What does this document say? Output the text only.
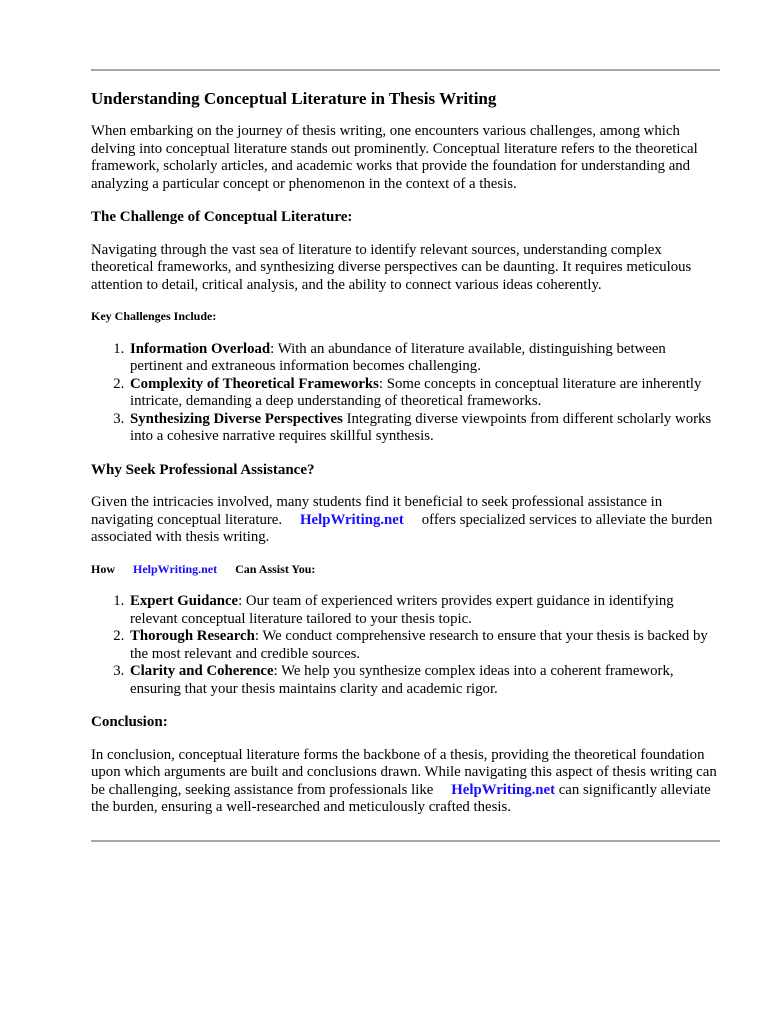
Understanding Conceptual Literature in Thesis Writing

When embarking on the journey of thesis writing, one encounters various challenges, among which delving into conceptual literature stands out prominently. Conceptual literature refers to the theoretical framework, scholarly articles, and academic works that provide the foundation for understanding and analyzing a particular concept or phenomenon in the context of a thesis.

The Challenge of Conceptual Literature:

Navigating through the vast sea of literature to identify relevant sources, understanding complex theoretical frameworks, and synthesizing diverse perspectives can be daunting. It requires meticulous attention to detail, critical analysis, and the ability to connect various ideas coherently.

Key Challenges Include:
1. Information Overload: With an abundance of literature available, distinguishing between pertinent and extraneous information becomes challenging.
2. Complexity of Theoretical Frameworks: Some concepts in conceptual literature are inherently intricate, demanding a deep understanding of theoretical frameworks.
3. Synthesizing Diverse Perspectives Integrating diverse viewpoints from different scholarly works into a cohesive narrative requires skillful synthesis.
Why Seek Professional Assistance?

Given the intricacies involved, many students find it beneficial to seek professional assistance in navigating conceptual literature. HelpWriting.net offers specialized services to alleviate the burden associated with thesis writing.

How HelpWriting.net Can Assist You:
1. Expert Guidance: Our team of experienced writers provides expert guidance in identifying relevant conceptual literature tailored to your thesis topic.
2. Thorough Research: We conduct comprehensive research to ensure that your thesis is backed by the most relevant and credible sources.
3. Clarity and Coherence: We help you synthesize complex ideas into a coherent framework, ensuring that your thesis maintains clarity and academic rigor.
Conclusion:

In conclusion, conceptual literature forms the backbone of a thesis, providing the theoretical foundation upon which arguments are built and conclusions drawn. While navigating this aspect of thesis writing can be challenging, seeking assistance from professionals like HelpWriting.net can significantly alleviate the burden, ensuring a well-researched and meticulously crafted thesis.
